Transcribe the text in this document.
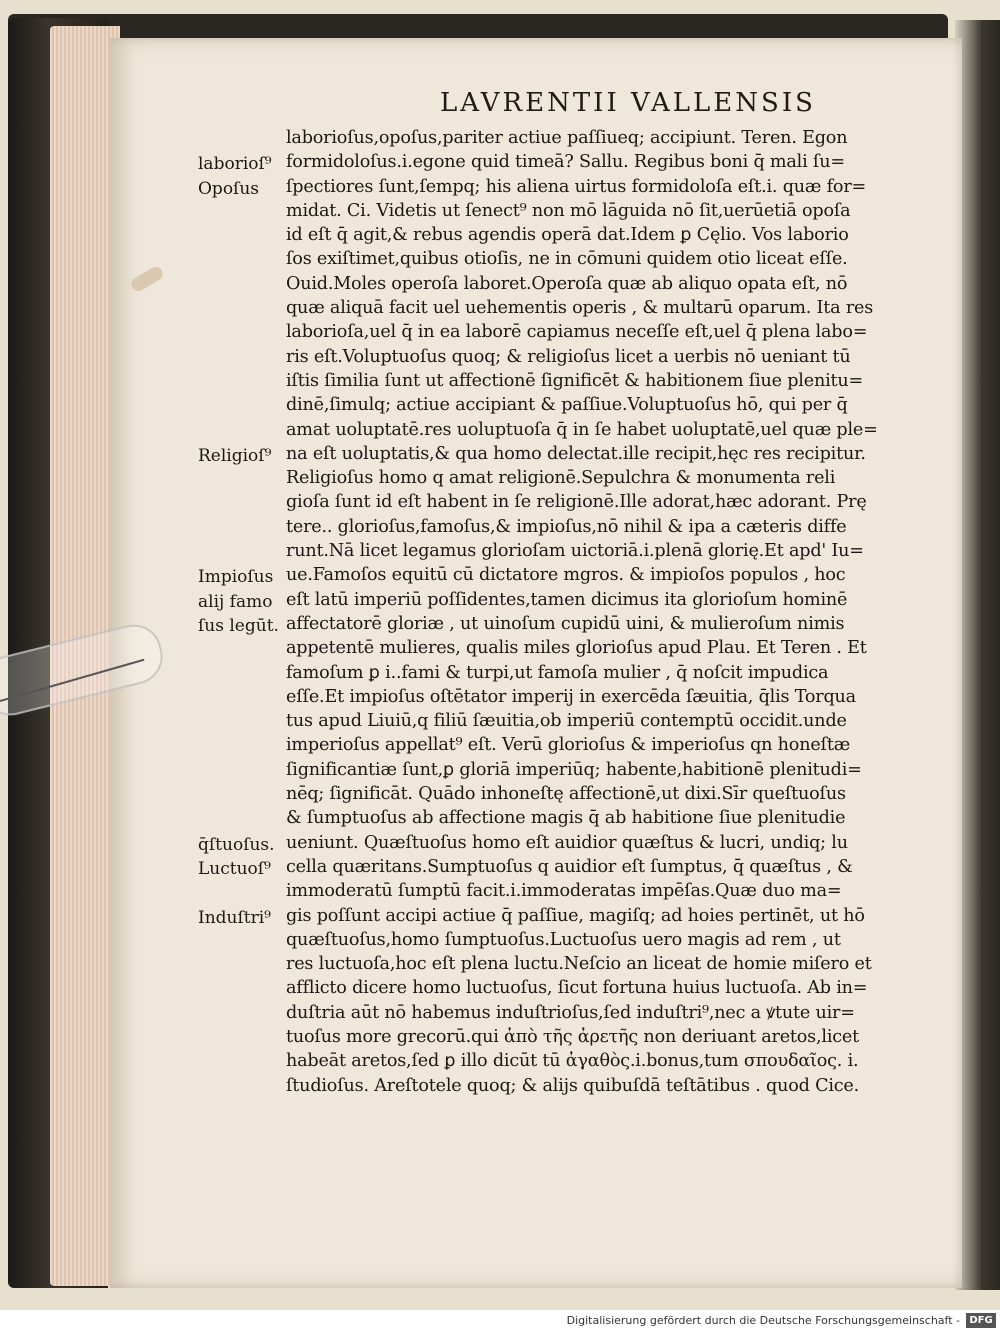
LAVRENTII VALLENSIS
laborioſus,opoſus,pariter actiue paſſiueq; accipiunt. Teren. Egon
formidoloſus.i.egone quid timeā? Sallu. Regibus boni q̄ mali ſu=
ſpectiores ſunt,ſempq; his aliena uirtus formidoloſa eſt.i. quæ for=
midat. Ci. Videtis ut ſenect⁹ non mō lāguida nō ſit,uerūetiā opoſa
id eſt q̄ agit,& rebus agendis operā dat.Idem ꝑ Cęlio. Vos laborio
ſos exiſtimet,quibus otioſis, ne in cōmuni quidem otio liceat eſſe.
Ouid.Moles operoſa laboret.Operoſa quæ ab aliquo opata eſt, nō
quæ aliquā facit uel uehementis operis , & multarū oparum. Ita res
laborioſa,uel q̄ in ea laborē capiamus neceſſe eſt,uel q̄ plena labo=
ris eſt.Voluptuoſus quoq; & religioſus licet a uerbis nō ueniant tū
iſtis ſimilia ſunt ut affectionē ſignificēt & habitionem ſiue plenitu=
dinē,ſimulq; actiue accipiant & paſſiue.Voluptuoſus hō, qui per q̄
amat uoluptatē.res uoluptuoſa q̄ in ſe habet uoluptatē,uel quæ ple=
na eſt uoluptatis,& qua homo delectat.ille recipit,hęc res recipitur.
Religioſus homo q amat religionē.Sepulchra & monumenta reli
gioſa ſunt id eſt habent in ſe religionē.Ille adorat,hæc adorant. Prę
tere.. glorioſus,famoſus,& impioſus,nō nihil & ipa a cæteris diffe
runt.Nā licet legamus glorioſam uictoriā.i.plenā glorię.Et apd' Iu=
ue.Famoſos equitū cū dictatore mgros. & impioſos populos , hoc
eſt latū imperiū poſſidentes,tamen dicimus ita glorioſum hominē
affectatorē gloriæ , ut uinoſum cupidū uini, & mulieroſum nimis
appetentē mulieres, qualis miles glorioſus apud Plau. Et Teren . Et
famoſum ꝑ i..fami & turpi,ut famoſa mulier , q̄ noſcit impudica
eſſe.Et impioſus oſtētator imperij in exercēda ſæuitia, q̄lis Torqua
tus apud Liuiū,q filiū ſæuitia,ob imperiū contemptū occidit.unde
imperioſus appellat⁹ eſt. Verū glorioſus & imperioſus qn honeſtæ
ſignificantiæ ſunt,ꝑ gloriā imperiūq; habente,habitionē plenitudi=
nēq; ſignificāt. Quādo inhoneſtę affectionē,ut dixi.Sīr queſtuoſus
& ſumptuoſus ab affectione magis q̄ ab habitione ſiue plenitudie
ueniunt. Quæſtuoſus homo eſt auidior quæſtus & lucri, undiq; lu
cella quæritans.Sumptuoſus q auidior eſt ſumptus, q̄ quæſtus , &
immoderatū ſumptū facit.i.immoderatas impēſas.Quæ duo ma=
gis poſſunt accipi actiue q̄ paſſiue, magiſq; ad hoies pertinēt, ut hō
quæſtuoſus,homo ſumptuoſus.Luctuoſus uero magis ad rem , ut
res luctuoſa,hoc eſt plena luctu.Neſcio an liceat de homie miſero et
afflicto dicere homo luctuoſus, ſicut fortuna huius luctuoſa. Ab in=
duſtria aūt nō habemus induſtrioſus,ſed induſtri⁹,nec a ꝟtute uir=
tuoſus more grecorū.qui ἀπὸ τῆς ἀρετῆς non deriuant aretos,licet
habeāt aretos,ſed ꝑ illo dicūt tū ἀγαθὸς.i.bonus,tum σπουδαῖος. i.
ſtudioſus. Areſtotele quoq; & alijs quibuſdā teſtātibus . quod Cice.
laborioſ⁹
Opoſus
Religioſ⁹
Impioſus
alij famo
ſus legūt.
q̄ſtuoſus.
Luctuoſ⁹
Induſtri⁹
Digitalisierung gefördert durch die Deutsche Forschungsgemeinschaft - DFG
